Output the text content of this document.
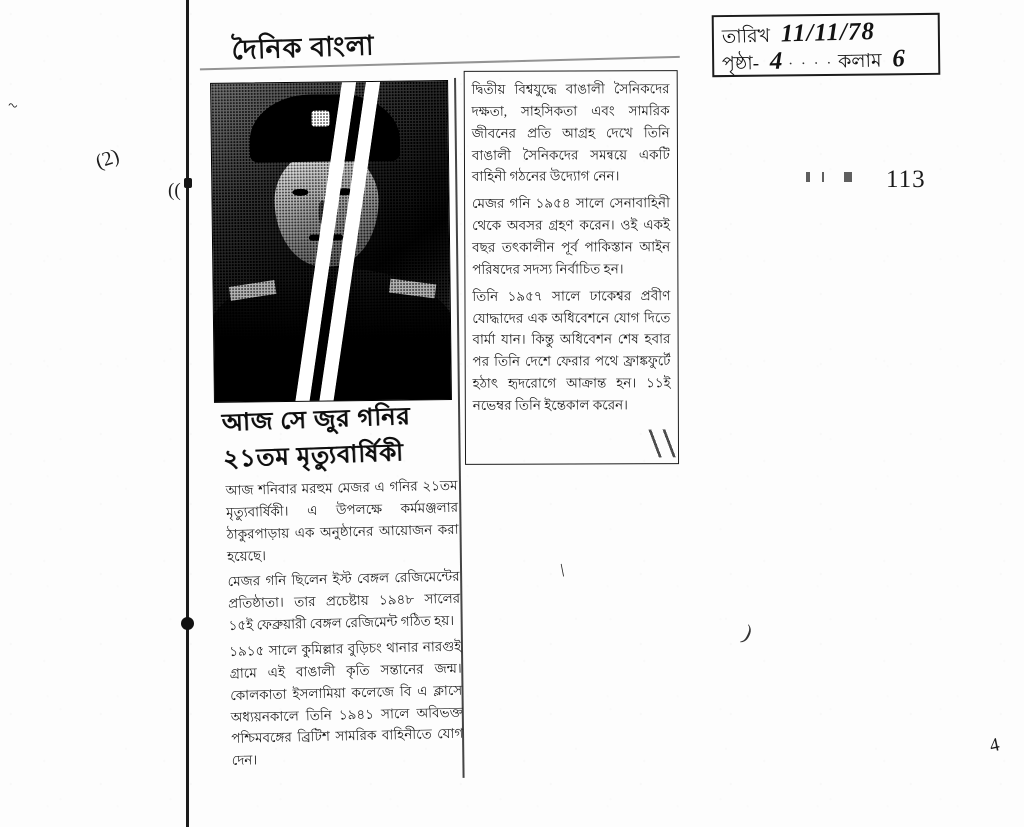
তারিখ 11/11/78
পৃষ্ঠা- 4 · · · · কলাম 6
113
দৈনিক বাংলা
আজ সে জুর গনির
২১তম মৃত্যুবার্ষিকী

আজ শনিবার মরহুম মেজর এ গনির ২১তম মৃত্যুবার্ষিকী। এ উপলক্ষে কর্মমঞ্জলার ঠাকুরপাড়ায় এক অনুষ্ঠানের আয়োজন করা হয়েছে।

মেজর গনি ছিলেন ইস্ট বেঙ্গল রেজিমেন্টের প্রতিষ্ঠাতা। তার প্রচেষ্টায় ১৯৪৮ সালের ১৫ই ফেব্রুয়ারী বেঙ্গল রেজিমেন্ট গঠিত হয়।

১৯১৫ সালে কুমিল্লার বুড়িচং থানার নারগুই গ্রামে এই বাঙালী কৃতি সন্তানের জন্ম। কোলকাতা ইসলামিয়া কলেজে বি এ ক্লাসে অধ্যয়নকালে তিনি ১৯৪১ সালে অবিভক্ত পশ্চিমবঙ্গের ব্রিটিশ সামরিক বাহিনীতে যোগ দেন।

দ্বিতীয় বিশ্বযুদ্ধে বাঙালী সৈনিকদের দক্ষতা, সাহসিকতা এবং সামরিক জীবনের প্রতি আগ্রহ দেখে তিনি বাঙালী সৈনিকদের সমন্বয়ে একটি বাহিনী গঠনের উদ্যোগ নেন।

মেজর গনি ১৯৫৪ সালে সেনাবাহিনী থেকে অবসর গ্রহণ করেন। ওই একই বছর তৎকালীন পূর্ব পাকিস্তান আইন পরিষদের সদস্য নির্বাচিত হন।

তিনি ১৯৫৭ সালে ঢাকেশ্বর প্রবীণ যোদ্ধাদের এক অধিবেশনে যোগ দিতে বার্মা যান। কিন্তু অধিবেশন শেষ হবার পর তিনি দেশে ফেরার পথে ফ্রাঙ্কফুর্টে হঠাৎ হৃদরোগে আক্রান্ত হন। ১১ই নভেম্বর তিনি ইন্তেকাল করেন।

(2)
((
~
4
)
/
